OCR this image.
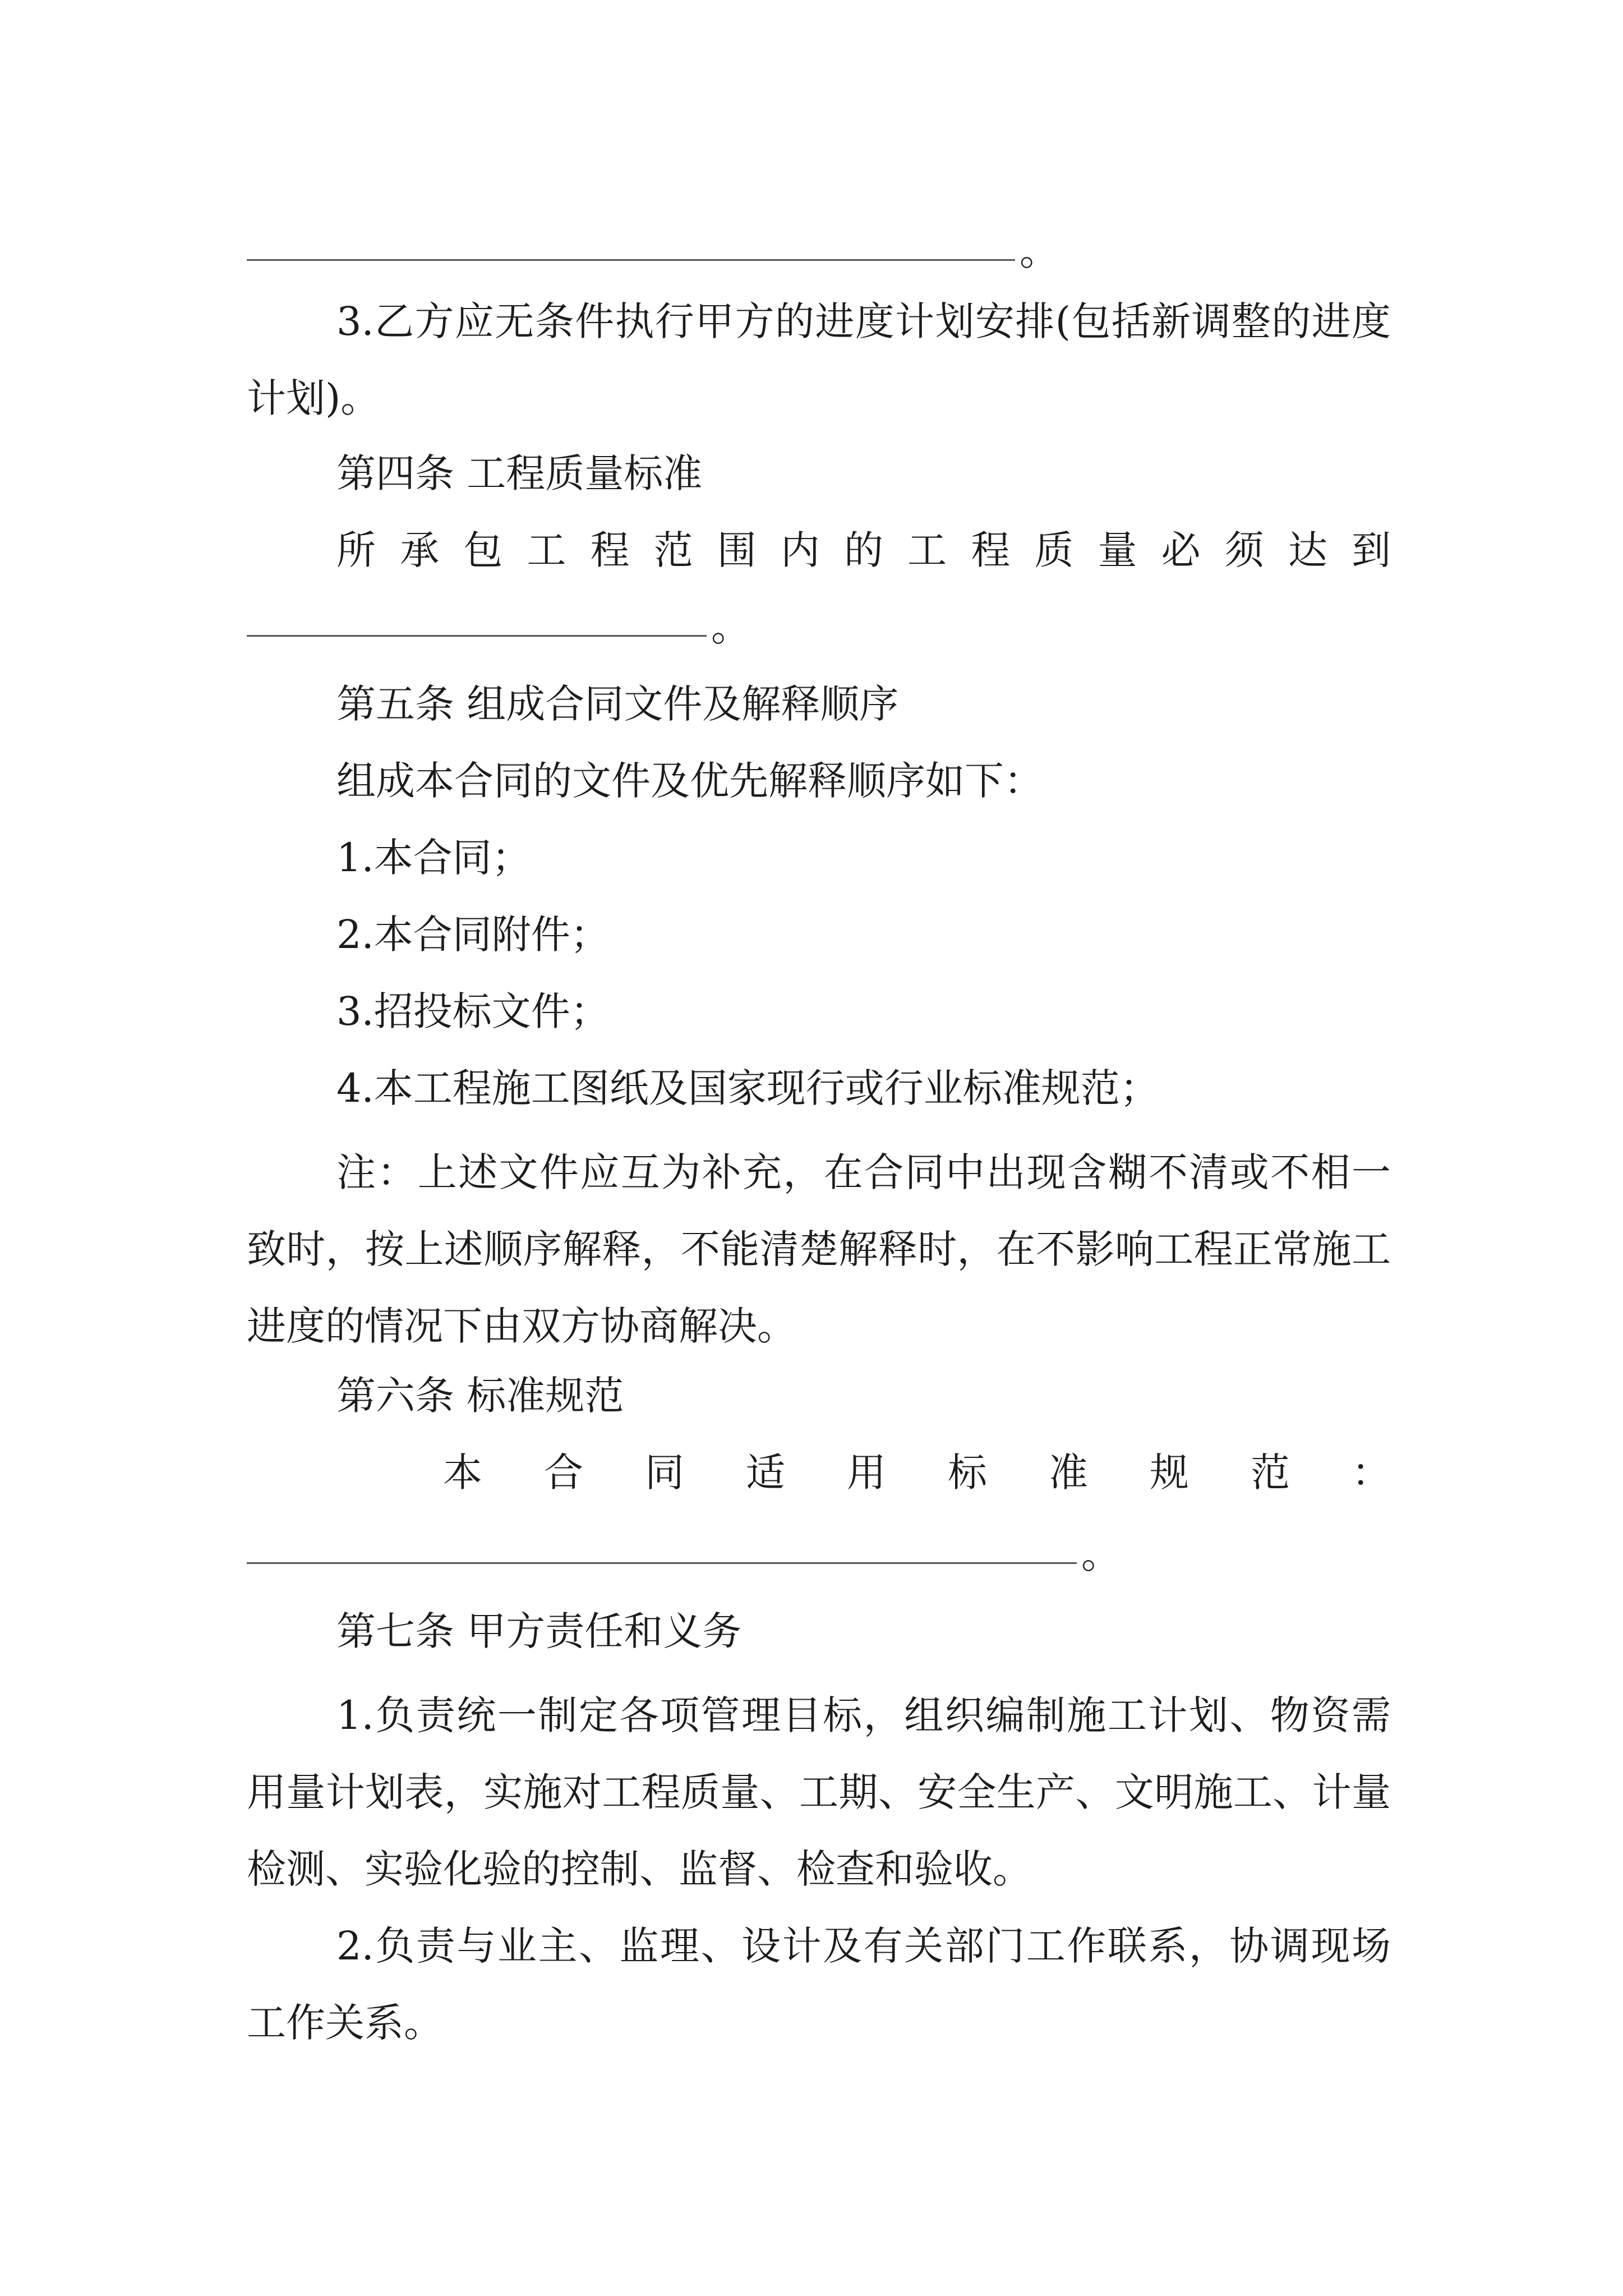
。
3.乙方应无条件执行甲方的进度计划安排(包括新调整的进度计划)。
第四条 工程质量标准
所 承 包 工 程 范 围 内 的 工 程 质 量 必 须 达 到
。
第五条 组成合同文件及解释顺序
组成本合同的文件及优先解释顺序如下：
1.本合同；
2.本合同附件；
3.招投标文件；
4.本工程施工图纸及国家现行或行业标准规范；
注：上述文件应互为补充，在合同中出现含糊不清或不相一致时，按上述顺序解释，不能清楚解释时，在不影响工程正常施工进度的情况下由双方协商解决。
第六条 标准规范
本 合 同 适 用 标 准 规 范 ：
。
第七条 甲方责任和义务
1.负责统一制定各项管理目标，组织编制施工计划、物资需用量计划表，实施对工程质量、工期、安全生产、文明施工、计量检测、实验化验的控制、监督、检查和验收。
2.负责与业主、监理、设计及有关部门工作联系，协调现场工作关系。
